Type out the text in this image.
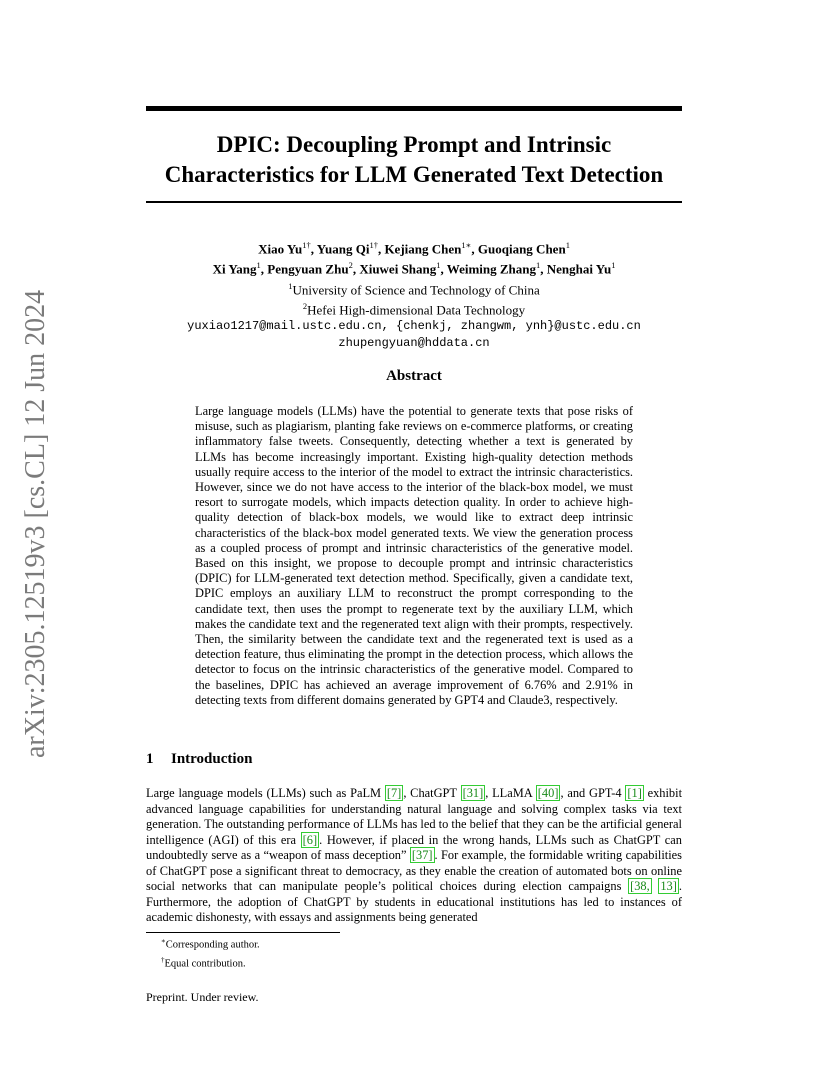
arXiv:2305.12519v3 [cs.CL] 12 Jun 2024
DPIC: Decoupling Prompt and Intrinsic
Characteristics for LLM Generated Text Detection
Xiao $Yu^{1\dagger}$, Yuang $Qi^{1\dagger}$, Kejiang Chen$^{1∗}$, Guoqiang Chen$^1$
Xi Yang$^1$, Pengyuan Zhu$^2$, Xiuwei Shang$^1$, Weiming Zhang$^1$, Nenghai Yu$^1$
$^1$University of Science and Technology of China
$^2$Hefei High-dimensional Data Technology
yuxiao1217@mail.ustc.edu.cn, {chenkj, zhangwm, ynh}@ustc.edu.cn
zhupengyuan@hddata.cn
Abstract
Large language models (LLMs) have the potential to generate texts that pose risks of misuse, such as plagiarism, planting fake reviews on e-commerce platforms, or creating inflammatory false tweets. Consequently, detecting whether a text is generated by LLMs has become increasingly important. Existing high-quality detection methods usually require access to the interior of the model to extract the intrinsic characteristics. However, since we do not have access to the interior of the black-box model, we must resort to surrogate models, which impacts detection quality. In order to achieve high-quality detection of black-box models, we would like to extract deep intrinsic characteristics of the black-box model generated texts. We view the generation process as a coupled process of prompt and intrinsic characteristics of the generative model. Based on this insight, we propose to decouple prompt and intrinsic characteristics (DPIC) for LLM-generated text detection method. Specifically, given a candidate text, DPIC employs an auxiliary LLM to reconstruct the prompt corresponding to the candidate text, then uses the prompt to regenerate text by the auxiliary LLM, which makes the candidate text and the regenerated text align with their prompts, respectively. Then, the similarity between the candidate text and the regenerated text is used as a detection feature, thus eliminating the prompt in the detection process, which allows the detector to focus on the intrinsic characteristics of the generative model. Compared to the baselines, DPIC has achieved an average improvement of 6.76% and 2.91% in detecting texts from different domains generated by GPT4 and Claude3, respectively.
1 Introduction
Large language models (LLMs) such as PaLM [7] , ChatGPT [31] , LLaMA [40] , and GPT-4 [1] exhibit advanced language capabilities for understanding natural language and solving complex tasks via text generation. The outstanding performance of LLMs has led to the belief that they can be the artificial general intelligence (AGI) of this era [6] . However, if placed in the wrong hands, LLMs such as ChatGPT can undoubtedly serve as a “weapon of mass deception” [37] . For example, the formidable writing capabilities of ChatGPT pose a significant threat to democracy, as they enable the creation of automated bots on online social networks that can manipulate people’s political choices during election campaigns [38, 13] . Furthermore, the adoption of ChatGPT by students in educational institutions has led to instances of academic dishonesty, with essays and assignments being generated
∗Corresponding author.
†Equal contribution.
Preprint. Under review.
